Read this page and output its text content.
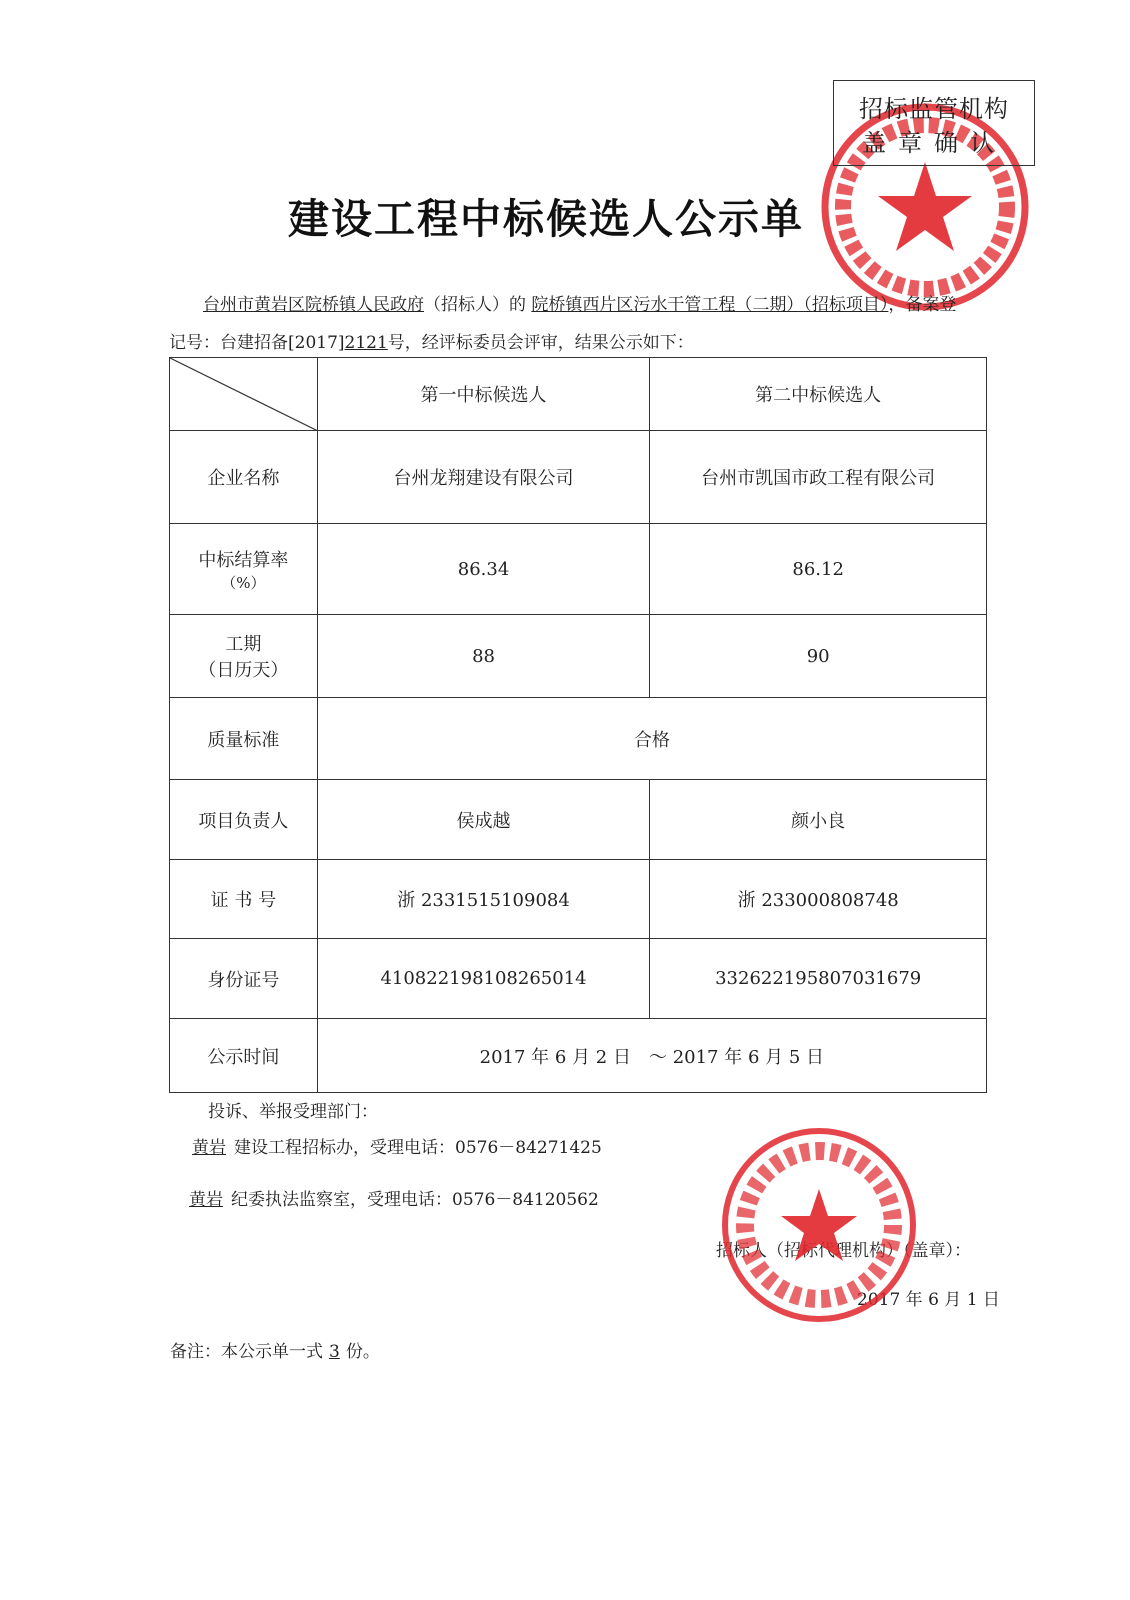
招标监管机构
盖章确认
建设工程中标候选人公示单
台州市黄岩区院桥镇人民政府（招标人）的 院桥镇西片区污水干管工程（二期）（招标项目），备案登记号：台建招备[2017]2121号，经评标委员会评审，结果公示如下：
	第一中标候选人	第二中标候选人
企业名称	台州龙翔建设有限公司	台州市凯国市政工程有限公司

中标结算率
（%）	86.34	86.12

工期
（日历天）	88	90
质量标准	合格	
项目负责人	侯成越	颜小良
证 书 号	浙 2331515109084	浙 233000808748
身份证号	410822198108265014	332622195807031679
公示时间	2017 年 6 月 2 日　～ 2017 年 6 月 5 日	
投诉、举报受理部门：
黄岩 建设工程招标办，受理电话：0576－84271425
黄岩 纪委执法监察室，受理电话：0576－84120562
招标人（招标代理机构）（盖章）：
2017 年 6 月 1 日
备注：本公示单一式 3 份。
